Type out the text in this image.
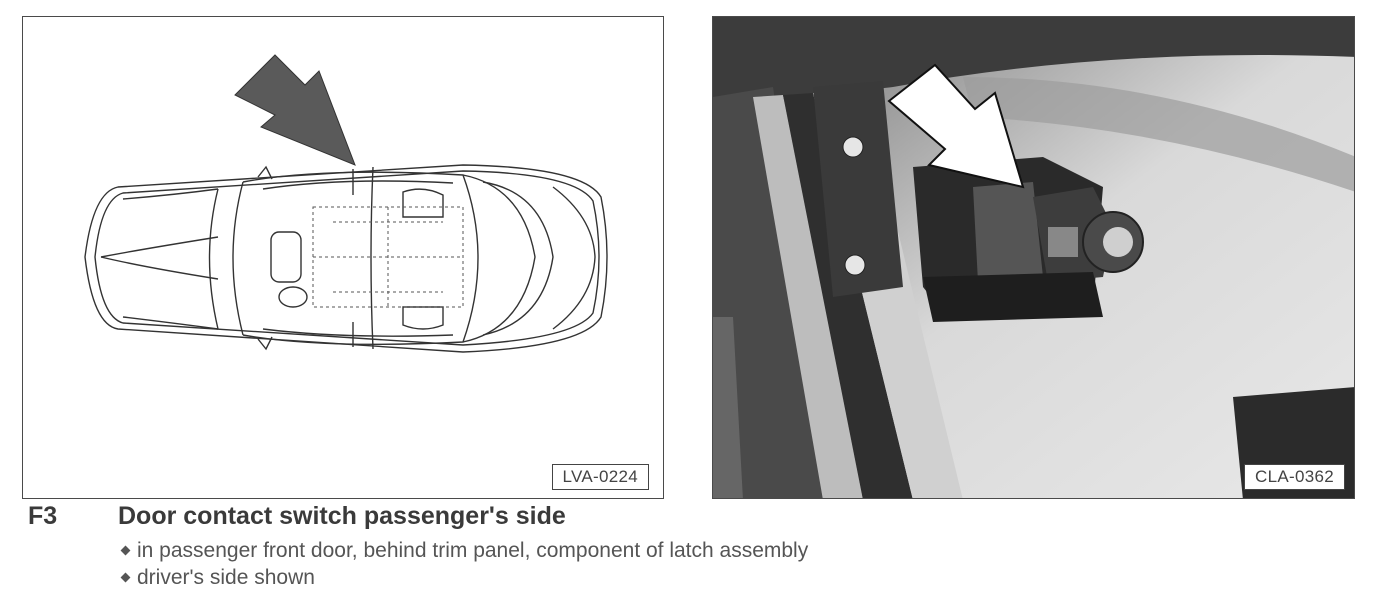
LVA-0224	CLA-0362
F3 Door contact switch passenger's side
in passenger front door, behind trim panel, component of latch assembly
driver's side shown
